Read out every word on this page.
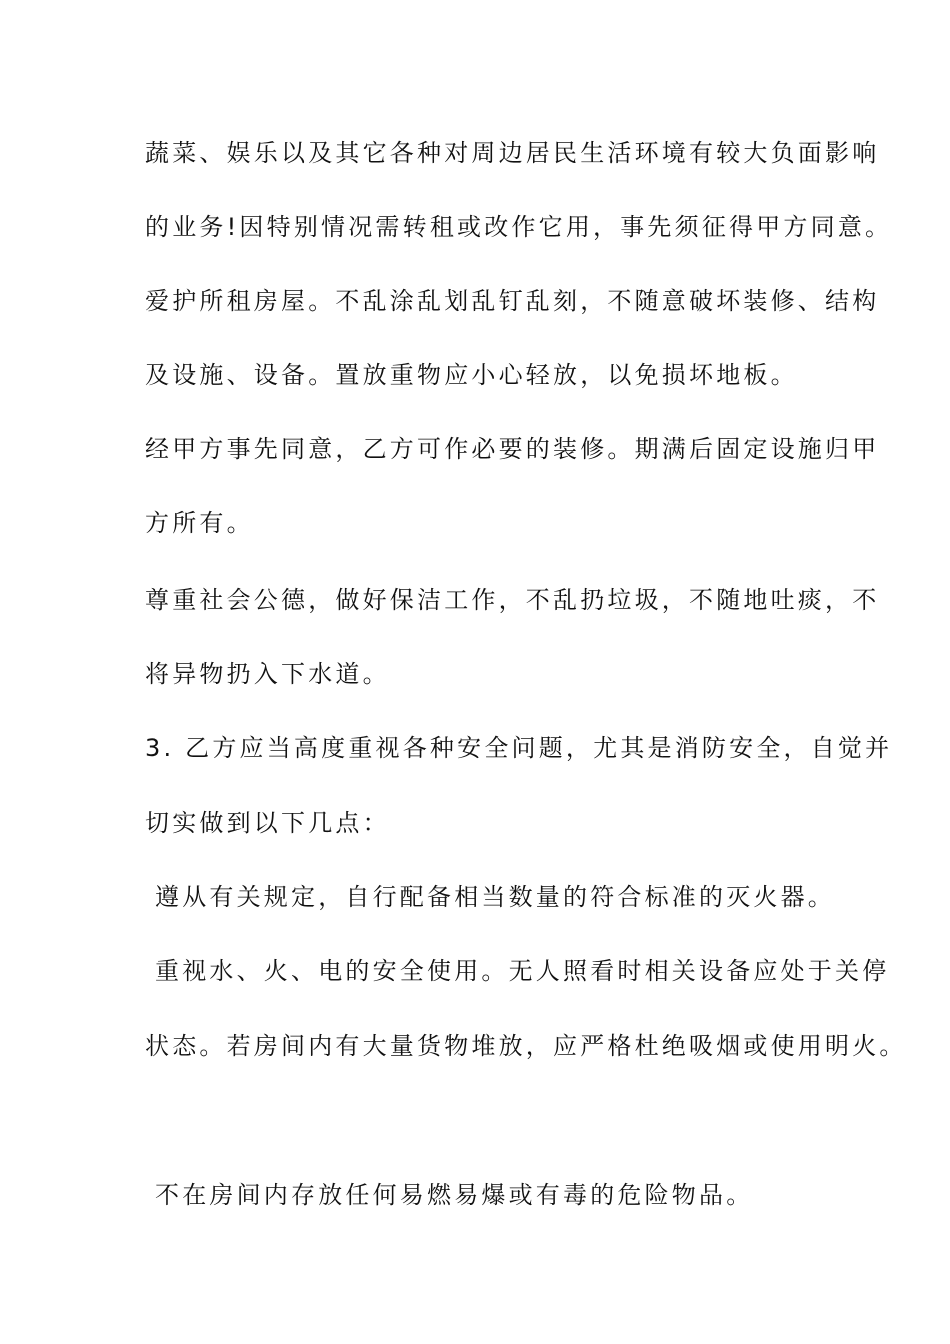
蔬菜、娱乐以及其它各种对周边居民生活环境有较大负面影响
的业务!因特别情况需转租或改作它用，事先须征得甲方同意。
爱护所租房屋。不乱涂乱划乱钉乱刻，不随意破坏装修、结构
及设施、设备。置放重物应小心轻放，以免损坏地板。
经甲方事先同意，乙方可作必要的装修。期满后固定设施归甲
方所有。
尊重社会公德，做好保洁工作，不乱扔垃圾，不随地吐痰，不
将异物扔入下水道。
3. 乙方应当高度重视各种安全问题，尤其是消防安全，自觉并
切实做到以下几点：
遵从有关规定，自行配备相当数量的符合标准的灭火器。
重视水、火、电的安全使用。无人照看时相关设备应处于关停
状态。若房间内有大量货物堆放，应严格杜绝吸烟或使用明火。
不在房间内存放任何易燃易爆或有毒的危险物品。
